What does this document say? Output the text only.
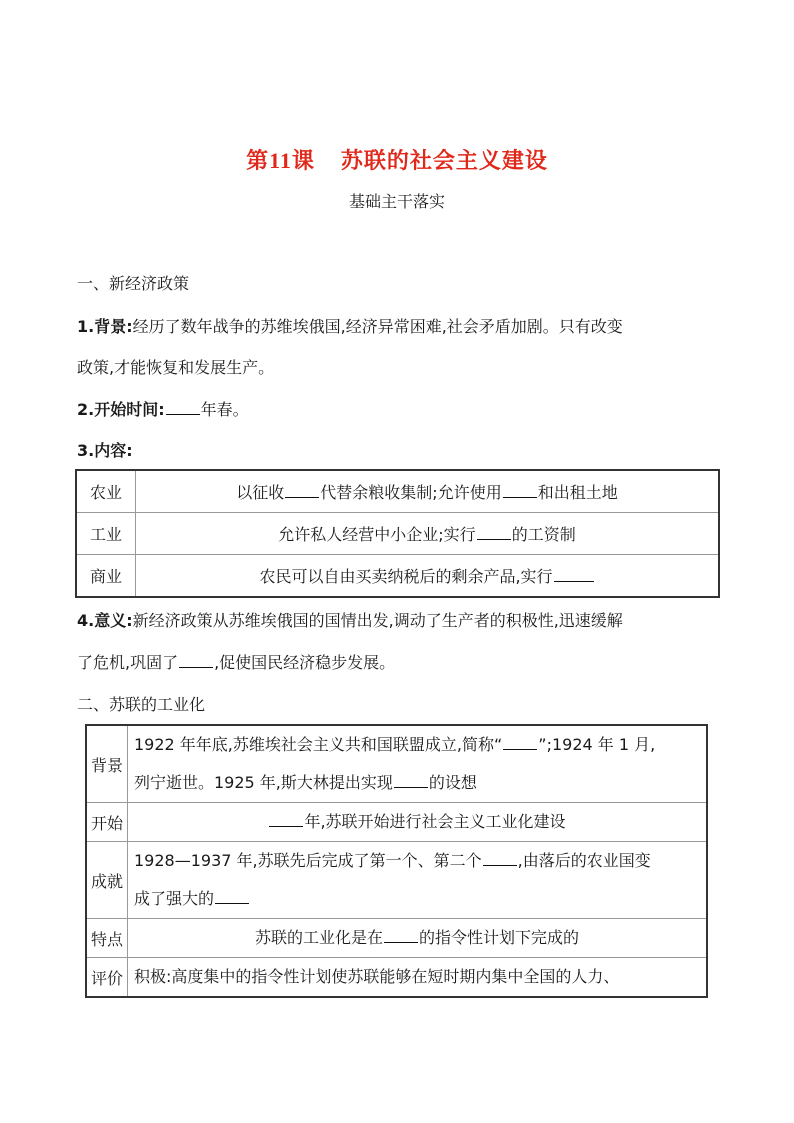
第11课 苏联的社会主义建设
基础主干落实
一、新经济政策
1.背景:经历了数年战争的苏维埃俄国,经济异常困难,社会矛盾加剧。只有改变
政策,才能恢复和发展生产。
2.开始时间: 年春。
3.内容:
农业	以征收 代替余粮收集制;允许使用 和出租土地
工业	允许私人经营中小企业;实行 的工资制
商业	农民可以自由买卖纳税后的剩余产品,实行
4.意义:新经济政策从苏维埃俄国的国情出发,调动了生产者的积极性,迅速缓解
了危机,巩固了 ,促使国民经济稳步发展。
二、苏联的工业化
背景	1922 年年底,苏维埃社会主义共和国联盟成立,简称“ ”;1924 年 1 月,
列宁逝世。1925 年,斯大林提出实现 的设想

开始	年,苏联开始进行社会主义工业化建设
成就	1928—1937 年,苏联先后完成了第一个、第二个 ,由落后的农业国变
成了强大的

特点	苏联的工业化是在 的指令性计划下完成的
评价	积极:高度集中的指令性计划使苏联能够在短时期内集中全国的人力、
